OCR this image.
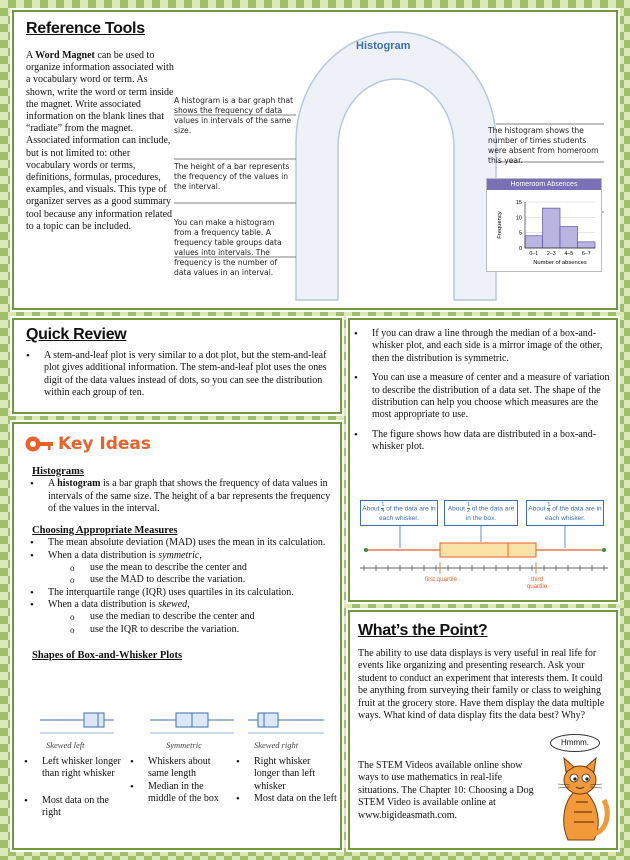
Reference Tools
A Word Magnet can be used to organize information associated with a vocabulary word or term. As shown, write the word or term inside the magnet. Write associated information on the blank lines that “radiate” from the magnet. Associated information can include, but is not limited to: other vocabulary words or terms, definitions, formulas, procedures, examples, and visuals. This type of organizer serves as a good summary tool because any information related to a topic can be included.
Histogram
A histogram is a bar graph that shows the frequency of data values in intervals of the same size.
The height of a bar represents the frequency of the values in the interval.
You can make a histogram from a frequency table. A frequency table groups data values into intervals. The frequency is the number of data values in an interval.
The histogram shows the number of times students were absent from homeroom this year.
Homeroom Absences
15
10
5
0
0–1 2–3 4–5 6–7
Number of absences
Frequency
Quick Review
• A stem-and-leaf plot is very similar to a dot plot, but the stem-and-leaf plot gives additional information. The stem-and-leaf plot uses the ones digit of the data values instead of dots, so you can see the distribution within each group of ten.
• If you can draw a line through the median of a box-and-whisker plot, and each side is a mirror image of the other, then the distribution is symmetric.
• You can use a measure of center and a measure of variation to describe the distribution of a data set. The shape of the distribution can help you choose which measures are the most appropriate to use.
• The figure shows how data are distributed in a box-and-whisker plot.
About $\frac{1}{4}$ of the data are in each whisker.
About $\frac{1}{2}$ of the data are in the box.
About $\frac{1}{4}$ of the data are in each whisker.
first quartile	third quartile
Key Ideas
Histograms
• A histogram is a bar graph that shows the frequency of data values in intervals of the same size. The height of a bar represents the frequency of the values in the interval.
Choosing Appropriate Measures
• The mean absolute deviation (MAD) uses the mean in its calculation.
• When a data distribution is symmetric,
o use the mean to describe the center and
o use the MAD to describe the variation.
• The interquartile range (IQR) uses quartiles in its calculation.
• When a data distribution is skewed,
o use the median to describe the center and
o use the IQR to describe the variation.
Shapes of Box-and-Whisker Plots
Skewed left	Symmetric	Skewed right
• Left whisker longer than right whisker
• Most data on the right
• Whiskers about same length
• Median in the middle of the box
• Right whisker longer than left whisker
• Most data on the left
What’s the Point?
The ability to use data displays is very useful in real life for events like organizing and presenting research. Ask your student to conduct an experiment that interests them. It could be anything from surveying their family or class to weighing fruit at the grocery store. Have them display the data multiple ways. What kind of data display fits the data best? Why?
The STEM Videos available online show ways to use mathematics in real-life situations. The Chapter 10: Choosing a Dog STEM Video is available online at www.bigideasmath.com.
Hmmm.
